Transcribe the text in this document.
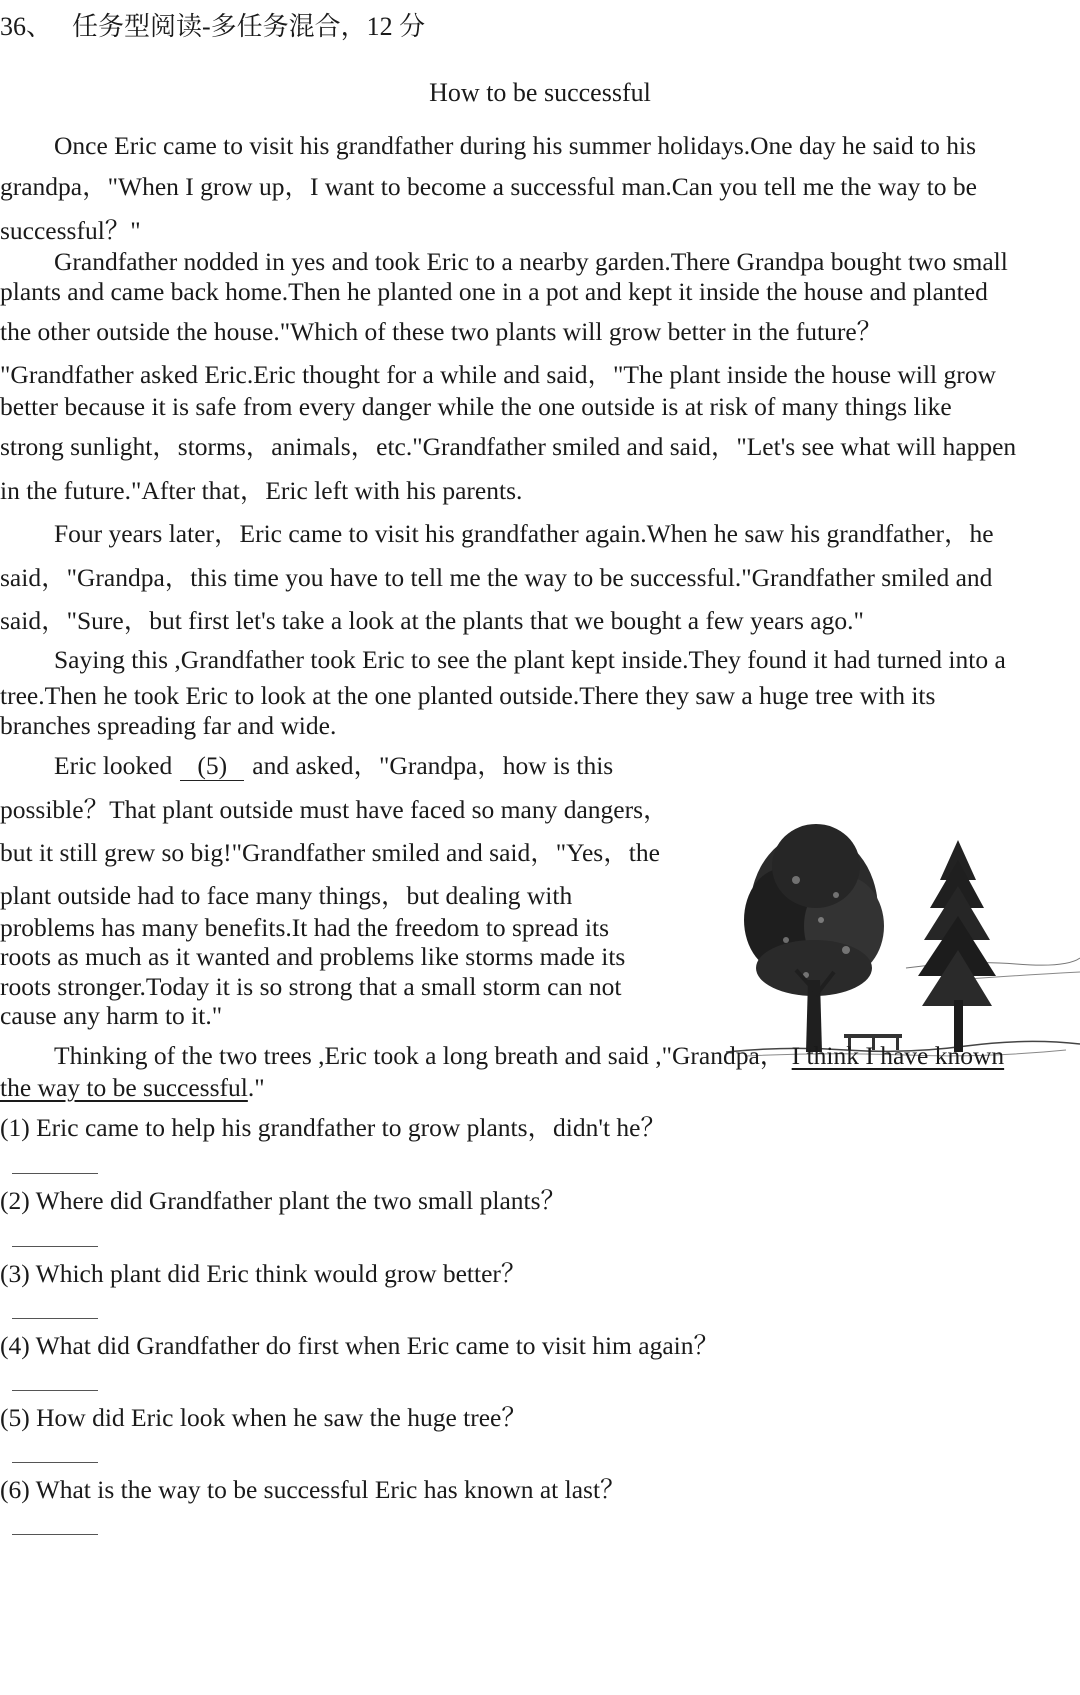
36、 任务型阅读-多任务混合，12 分
How to be successful
Once Eric came to visit his grandfather during his summer holidays.One day he said to his
grandpa，"When I grow up，I want to become a successful man.Can you tell me the way to be
successful？"
Grandfather nodded in yes and took Eric to a nearby garden.There Grandpa bought two small
plants and came back home.Then he planted one in a pot and kept it inside the house and planted
the other outside the house."Which of these two plants will grow better in the future？
"Grandfather asked Eric.Eric thought for a while and said，"The plant inside the house will grow
better because it is safe from every danger while the one outside is at risk of many things like
strong sunlight，storms，animals，etc."Grandfather smiled and said，"Let's see what will happen
in the future."After that，Eric left with his parents.
Four years later，Eric came to visit his grandfather again.When he saw his grandfather，he
said，"Grandpa，this time you have to tell me the way to be successful."Grandfather smiled and
said，"Sure，but first let's take a look at the plants that we bought a few years ago."
Saying this ,Grandfather took Eric to see the plant kept inside.They found it had turned into a
tree.Then he took Eric to look at the one planted outside.There they saw a huge tree with its
branches spreading far and wide.
Eric looked (5) and asked，"Grandpa，how is this
possible？That plant outside must have faced so many dangers，
but it still grew so big!"Grandfather smiled and said，"Yes，the
plant outside had to face many things，but dealing with
problems has many benefits.It had the freedom to spread its
roots as much as it wanted and problems like storms made its
roots stronger.Today it is so strong that a small storm can not
cause any harm to it."
Thinking of the two trees ,Eric took a long breath and said ,"Grandpa， I think I have known
the way to be successful."
(1) Eric came to help his grandfather to grow plants，didn't he？
(2) Where did Grandfather plant the two small plants？
(3) Which plant did Eric think would grow better？
(4) What did Grandfather do first when Eric came to visit him again？
(5) How did Eric look when he saw the huge tree？
(6) What is the way to be successful Eric has known at last？
